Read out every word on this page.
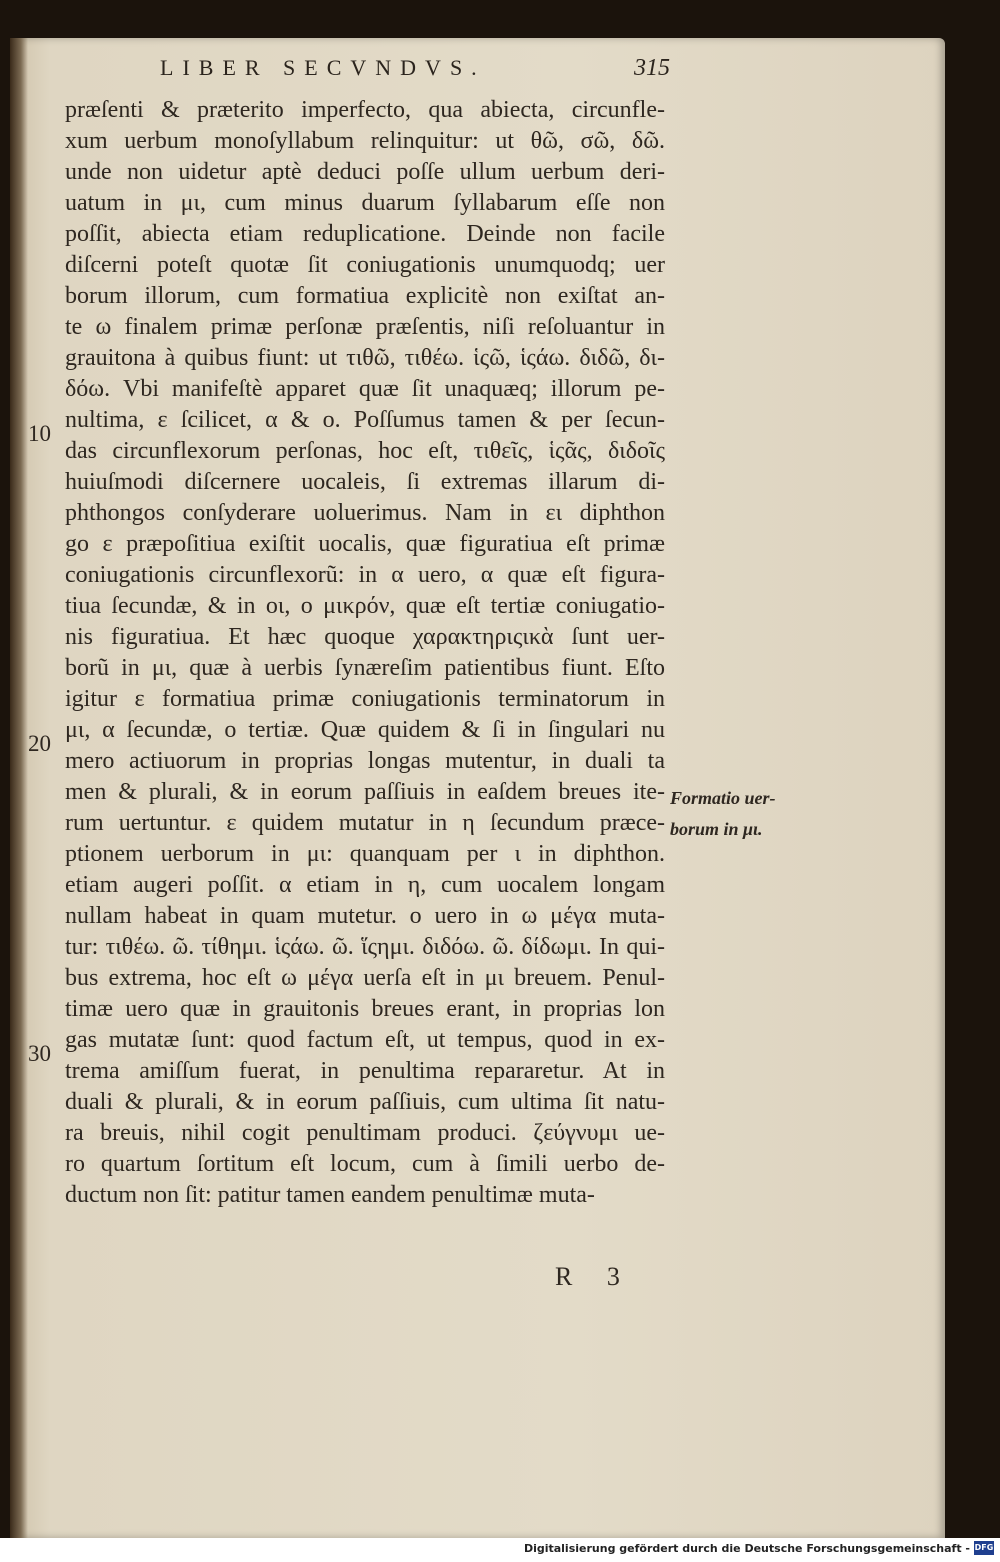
LIBER SECVNDVS.	315
10
20
30
præſenti & præterito imperfecto, qua abiecta, circunfle-
xum uerbum monoſyllabum relinquitur: ut θῶ, σῶ, δῶ.
unde non uidetur aptè deduci poſſe ullum uerbum deri-
uatum in μι, cum minus duarum ſyllabarum eſſe non
poſſit, abiecta etiam reduplicatione. Deinde non facile
diſcerni poteſt quotæ ſit coniugationis unumquodq; uer
borum illorum, cum formatiua explicitè non exiſtat an-
te ω finalem primæ perſonæ præſentis, niſi reſoluantur in
grauitona à quibus fiunt: ut τιθῶ, τιθέω. ἱςῶ, ἱςάω. διδῶ, δι-
δόω. Vbi manifeſtè apparet quæ ſit unaquæq; illorum pe-
nultima, ε ſcilicet, α & ο. Poſſumus tamen & per ſecun-
das circunflexorum perſonas, hoc eſt, τιθεῖς, ἱςᾶς, διδοῖς
huiuſmodi diſcernere uocaleis, ſi extremas illarum di-
phthongos conſyderare uoluerimus. Nam in ει diphthon
go ε præpoſitiua exiſtit uocalis, quæ figuratiua eſt primæ
coniugationis circunflexorũ: in α uero, α quæ eſt figura-
tiua ſecundæ, & in οι, ο μικρόν, quæ eſt tertiæ coniugatio-
nis figuratiua. Et hæc quoque χαρακτηριςικὰ ſunt uer-
borũ in μι, quæ à uerbis ſynæreſim patientibus fiunt. Eſto
igitur ε formatiua primæ coniugationis terminatorum in
μι, α ſecundæ, ο tertiæ. Quæ quidem & ſi in ſingulari nu
mero actiuorum in proprias longas mutentur, in duali ta
men & plurali, & in eorum paſſiuis in eaſdem breues ite-
rum uertuntur. ε quidem mutatur in η ſecundum præce-
ptionem uerborum in μι: quanquam per ι in diphthon.
etiam augeri poſſit. α etiam in η, cum uocalem longam
nullam habeat in quam mutetur. ο uero in ω μέγα muta-
tur: τιθέω. ῶ. τίθημι. ἱςάω. ῶ. ἵςημι. διδόω. ῶ. δίδωμι. In qui-
bus extrema, hoc eſt ω μέγα uerſa eſt in μι breuem. Penul-
timæ uero quæ in grauitonis breues erant, in proprias lon
gas mutatæ ſunt: quod factum eſt, ut tempus, quod in ex-
trema amiſſum fuerat, in penultima repararetur. At in
duali & plurali, & in eorum paſſiuis, cum ultima ſit natu-
ra breuis, nihil cogit penultimam produci. ζεύγνυμι ue-
ro quartum ſortitum eſt locum, cum à ſimili uerbo de-
ductum non ſit: patitur tamen eandem penultimæ muta-
Formatio uer-
borum in μι.
R 3
Digitalisierung gefördert durch die Deutsche Forschungsgemeinschaft - DFG
